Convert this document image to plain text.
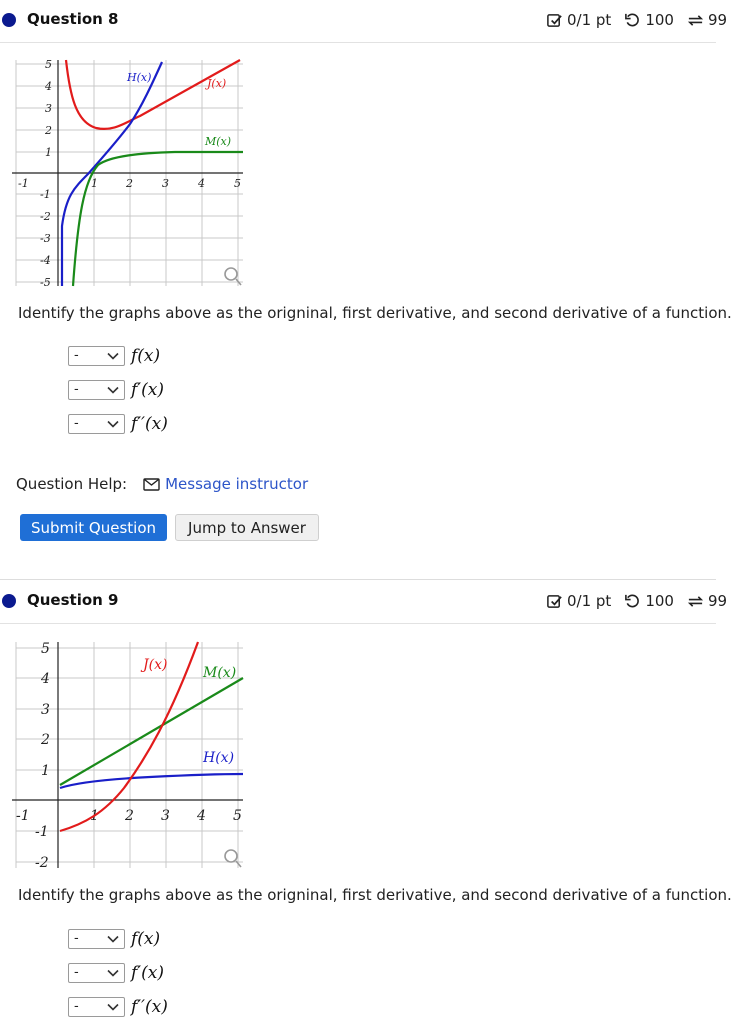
Question 8	0/1 pt 100 99
-1	1	2	3	4	5
5
4
3
2
1
-1
-2
-3
-4
-5
H(x)	J(x)
M(x)
Identify the graphs above as the origninal, first derivative, and second derivative of a function.
-	f(x)
-	f′(x)
-	f′′(x)
Question Help:	Message instructor
Submit Question	Jump to Answer
Question 9	0/1 pt 100 99
-1	1 2 3 4 5
5
4
3
2
1
-1
-2
J(x)	M(x)
H(x)
Identify the graphs above as the origninal, first derivative, and second derivative of a function.
-	f(x)
-	f′(x)
-	f′′(x)
